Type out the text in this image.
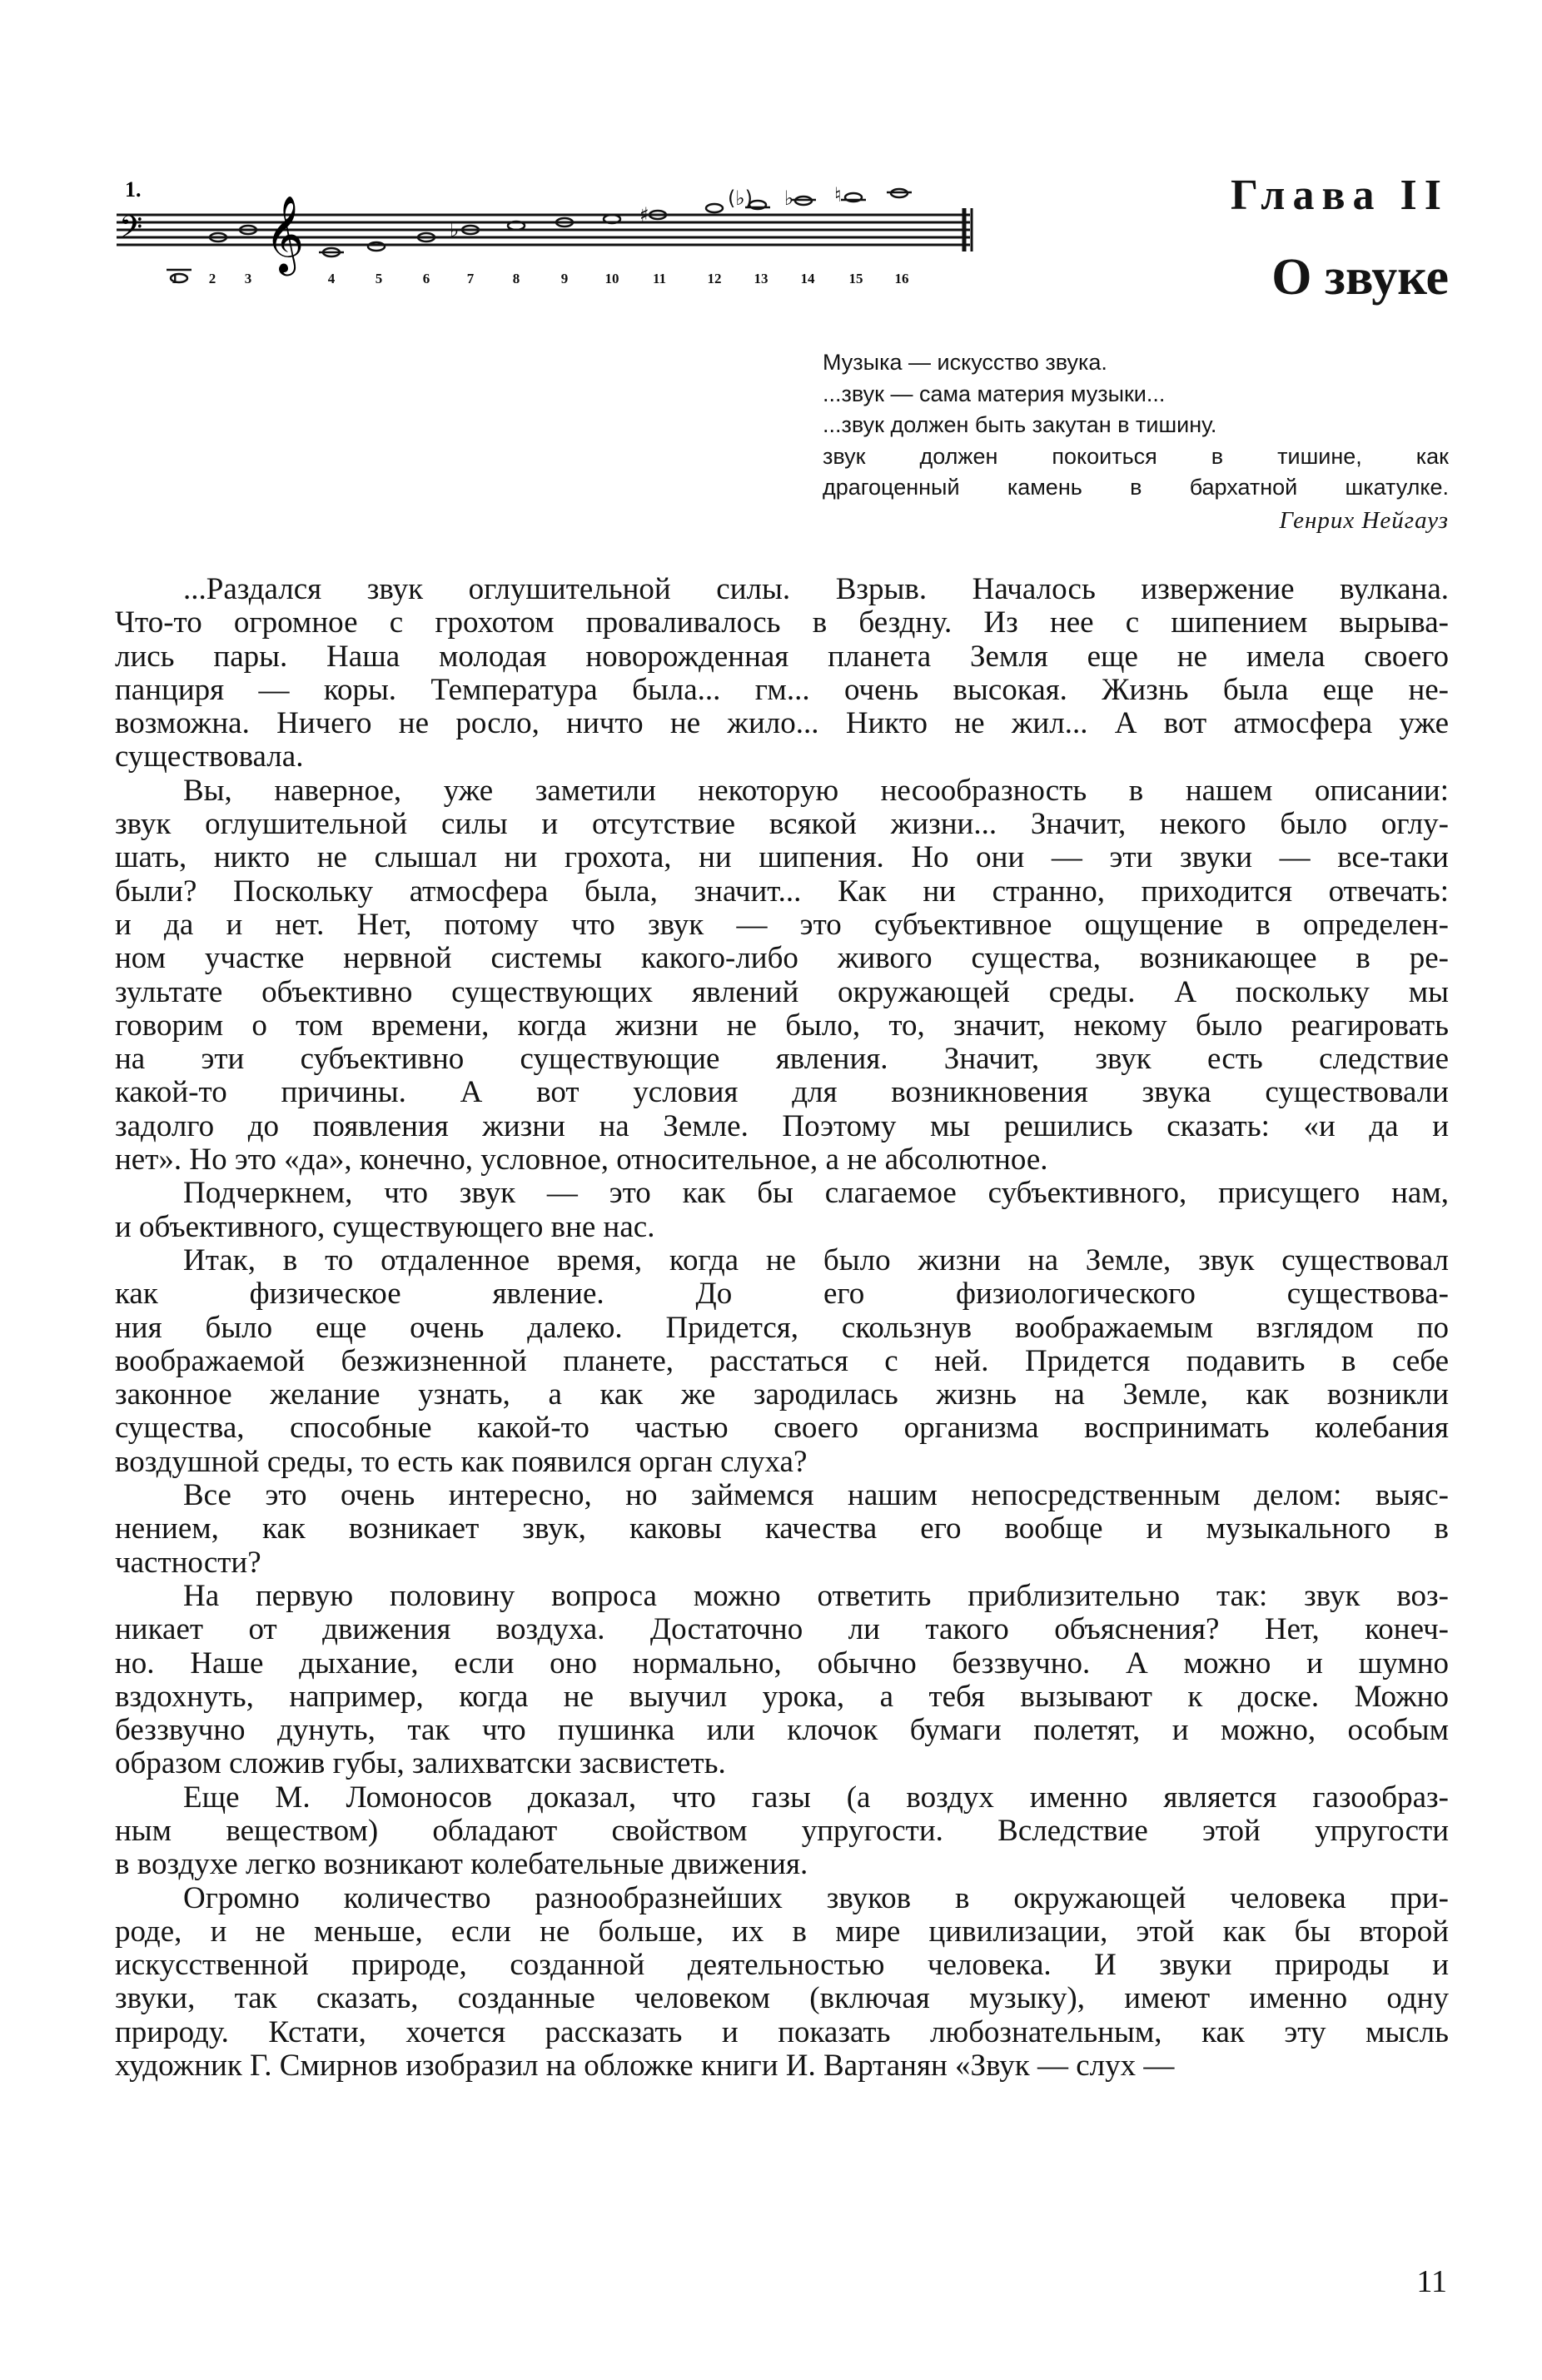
1.
𝄢 𝄞	♭
♯
(♭) ♭ ♮
1 2 3	4	5	6	7	8	9	10 11	12 13 14 15 16
Глава II
О звуке
Музыка — искусство звука.
...звук — сама материя музыки...
...звук должен быть закутан в тишину.
звук должен покоиться в тишине, как
драгоценный камень в бархатной шкатулке.
Генрих Нейгауз
...Раздался звук оглушительной силы. Взрыв. Началось извержение вулкана.
Что-то огромное с грохотом проваливалось в бездну. Из нее с шипением вырыва-
лись пары. Наша молодая новорожденная планета Земля еще не имела своего
панциря — коры. Температура была... гм... очень высокая. Жизнь была еще не-
возможна. Ничего не росло, ничто не жило... Никто не жил... А вот атмосфера уже
существовала.
Вы, наверное, уже заметили некоторую несообразность в нашем описании:
звук оглушительной силы и отсутствие всякой жизни... Значит, некого было оглу-
шать, никто не слышал ни грохота, ни шипения. Но они — эти звуки — все-таки
были? Поскольку атмосфера была, значит... Как ни странно, приходится отвечать:
и да и нет. Нет, потому что звук — это субъективное ощущение в определен-
ном участке нервной системы какого-либо живого существа, возникающее в ре-
зультате объективно существующих явлений окружающей среды. А поскольку мы
говорим о том времени, когда жизни не было, то, значит, некому было реагировать
на эти субъективно существующие явления. Значит, звук есть следствие
какой-то причины. А вот условия для возникновения звука существовали
задолго до появления жизни на Земле. Поэтому мы решились сказать: «и да и
нет». Но это «да», конечно, условное, относительное, а не абсолютное.
Подчеркнем, что звук — это как бы слагаемое субъективного, присущего нам,
и объективного, существующего вне нас.
Итак, в то отдаленное время, когда не было жизни на Земле, звук существовал
как физическое явление. До его физиологического существова-
ния было еще очень далеко. Придется, скользнув воображаемым взглядом по
воображаемой безжизненной планете, расстаться с ней. Придется подавить в себе
законное желание узнать, а как же зародилась жизнь на Земле, как возникли
существа, способные какой-то частью своего организма воспринимать колебания
воздушной среды, то есть как появился орган слуха?
Все это очень интересно, но займемся нашим непосредственным делом: выяс-
нением, как возникает звук, каковы качества его вообще и музыкального в
частности?
На первую половину вопроса можно ответить приблизительно так: звук воз-
никает от движения воздуха. Достаточно ли такого объяснения? Нет, конеч-
но. Наше дыхание, если оно нормально, обычно беззвучно. А можно и шумно
вздохнуть, например, когда не выучил урока, а тебя вызывают к доске. Можно
беззвучно дунуть, так что пушинка или клочок бумаги полетят, и можно, особым
образом сложив губы, залихватски засвистеть.
Еще М. Ломоносов доказал, что газы (а воздух именно является газообраз-
ным веществом) обладают свойством упругости. Вследствие этой упругости
в воздухе легко возникают колебательные движения.
Огромно количество разнообразнейших звуков в окружающей человека при-
роде, и не меньше, если не больше, их в мире цивилизации, этой как бы второй
искусственной природе, созданной деятельностью человека. И звуки природы и
звуки, так сказать, созданные человеком (включая музыку), имеют именно одну
природу. Кстати, хочется рассказать и показать любознательным, как эту мысль
художник Г. Смирнов изобразил на обложке книги И. Вартанян «Звук — слух —
11
